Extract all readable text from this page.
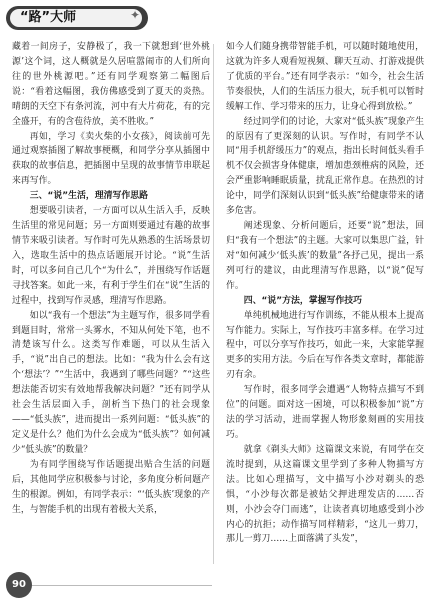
“路”大师	✦

藏着一间房子，安静极了，我一下就想到‘世外桃源’这个词，这人概就是久居喧嚣闹市的人们所向往的世外桃源吧。”还有同学观察第二幅图后说：“看着这幅图，我仿佛感受到了夏天的炎热。晴朗的天空下有条河流，河中有大片荷花，有的完全盛开，有的含苞待放，美不胜收。”

再如，学习《卖火柴的小女孩》，阅读前可先通过观察插图了解故事梗概，和同学分享从插图中获取的故事信息，把插图中呈现的故事情节串联起来再写作。

三、“说”生活，理清写作思路

想要吸引读者，一方面可以从生活入手，反映生活里的常见问题；另一方面则要通过有趣的故事情节来吸引读者。写作时可先从熟悉的生活场景切入，选取生活中的热点话题展开讨论。“说”生活时，可以多问自己几个“为什么”，并围绕写作话题寻找答案。如此一来，有利于学生们在“说”生活的过程中，找到写作灵感，理清写作思路。

如以“我有一个想法”为主题写作，很多同学看到题目时，常常一头雾水，不知从何处下笔，也不清楚该写什么。这类写作难题，可以从生活入手，“说”出自己的想法。比如：“我为什么会有这个‘想法’？”“生活中，我遇到了哪些问题？”“这些想法能否切实有效地帮我解决问题？”还有同学从社会生活层面入手，剖析当下热门的社会现象——“低头族”，进而提出一系列问题：“低头族”的定义是什么？他们为什么会成为“低头族”？如何减少“低头族”的数量？

为有同学围绕写作话题提出贴合生活的问题后，其他同学应积极参与讨论，多角度分析问题产生的根源。例如，有同学表示：“‘低头族’现象的产生，与智能手机的出现有着极大关系，

如今人们随身携带智能手机，可以随时随地使用，这就为许多人观看短视频、聊天互动、打游戏提供了优质的平台。”还有同学表示：“如今，社会生活节奏很快，人们的生活压力很大，玩手机可以暂时缓解工作、学习带来的压力，让身心得到放松。”

经过同学们的讨论，大家对“低头族”现象产生的原因有了更深刻的认识。写作时，有同学不认同“用手机舒缓压力”的观点，指出长时间低头看手机不仅会损害身体健康，增加患颈椎病的风险，还会严重影响睡眠质量，扰乱正常作息。在热烈的讨论中，同学们深刻认识到“低头族”给健康带来的诸多危害。

阐述现象、分析问题后，还要“说”想法，回归“我有一个想法”的主题。大家可以集思广益，针对“如何减少‘低头族’的数量”各抒己见，提出一系列可行的建议，由此理清写作思路，以“说”促写作。

四、“说”方法，掌握写作技巧

单纯机械地进行写作训练，不能从根本上提高写作能力。实际上，写作技巧丰富多样。在学习过程中，可以分享写作技巧，如此一来，大家能掌握更多的实用方法。今后在写作各类文章时，都能游刃有余。

写作时，很多同学会遭遇“人物特点描写不到位”的问题。面对这一困境，可以积极参加“说”方法的学习活动，进而掌握人物形象刻画的实用技巧。

就拿《剃头大师》这篇课文来说，有同学在交流时提到，从这篇课文里学到了多种人物描写方法。比如心理描写，文中描写小沙对剃头的恐惧，“小沙每次都是被姑父押进理发店的……否则，小沙会夺门而逃”，让读者真切地感受到小沙内心的抗拒；动作描写同样精彩，“这儿一剪刀，那儿一剪刀……上面落满了头发”，

90
